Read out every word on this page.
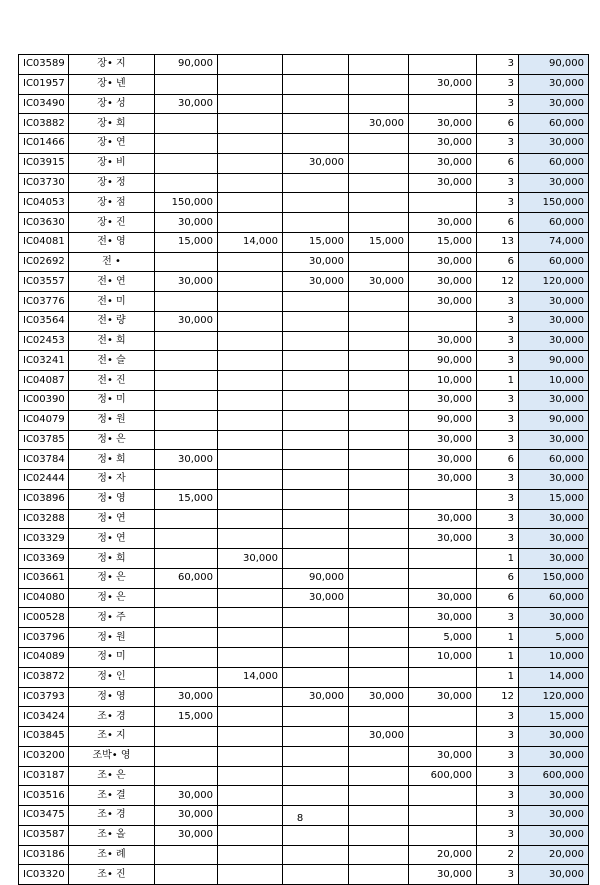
IC03589	장• 지	90,000					3	90,000
IC01957	장• 넨					30,000	3	30,000
IC03490	장• 성	30,000					3	30,000
IC03882	장• 희				30,000	30,000	6	60,000
IC01466	장• 연					30,000	3	30,000
IC03915	장• 비			30,000		30,000	6	60,000
IC03730	장• 정					30,000	3	30,000
IC04053	장• 점	150,000					3	150,000
IC03630	장• 진	30,000				30,000	6	60,000
IC04081	전• 영	15,000	14,000	15,000	15,000	15,000	13	74,000
IC02692	전 •			30,000		30,000	6	60,000
IC03557	전• 연	30,000		30,000	30,000	30,000	12	120,000
IC03776	전• 미					30,000	3	30,000
IC03564	전• 량	30,000					3	30,000
IC02453	전• 희					30,000	3	30,000
IC03241	전• 슬					90,000	3	90,000
IC04087	전• 진					10,000	1	10,000
IC00390	정• 미					30,000	3	30,000
IC04079	정• 원					90,000	3	90,000
IC03785	정• 은					30,000	3	30,000
IC03784	정• 희	30,000				30,000	6	60,000
IC02444	정• 자					30,000	3	30,000
IC03896	정• 영	15,000					3	15,000
IC03288	정• 연					30,000	3	30,000
IC03329	정• 연					30,000	3	30,000
IC03369	정• 희		30,000				1	30,000
IC03661	정• 은	60,000		90,000			6	150,000
IC04080	정• 은			30,000		30,000	6	60,000
IC00528	정• 주					30,000	3	30,000
IC03796	정• 원					5,000	1	5,000
IC04089	정• 미					10,000	1	10,000
IC03872	정• 인		14,000				1	14,000
IC03793	정• 영	30,000		30,000	30,000	30,000	12	120,000
IC03424	조• 경	15,000					3	15,000
IC03845	조• 지				30,000		3	30,000
IC03200	조박• 영					30,000	3	30,000
IC03187	조• 은					600,000	3	600,000
IC03516	조• 결	30,000					3	30,000
IC03475	조• 경	30,000					3	30,000
IC03587	조• 올	30,000					3	30,000
IC03186	조• 례					20,000	2	20,000
IC03320	조• 진					30,000	3	30,000
8
